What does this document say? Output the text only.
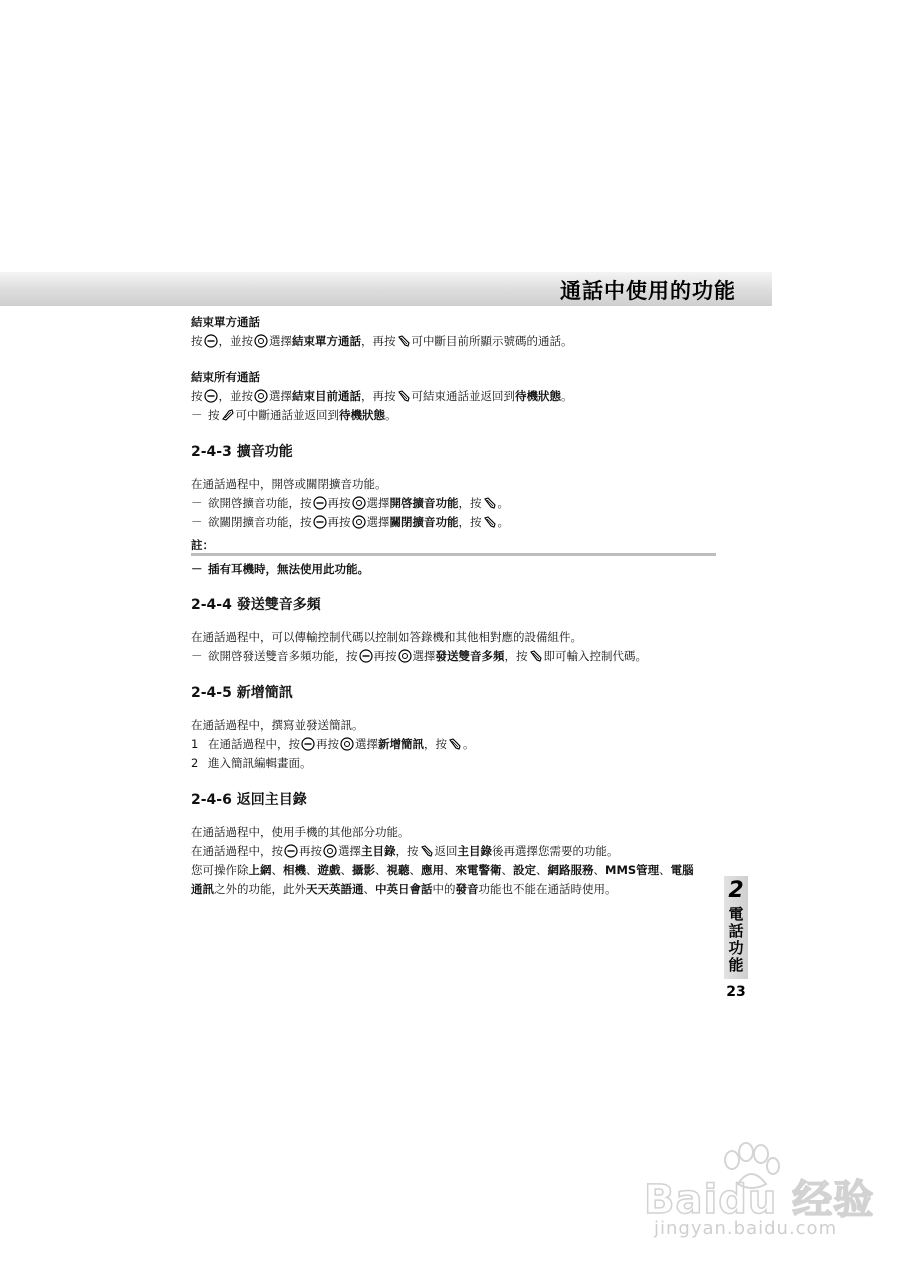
通話中使用的功能

結束單方通話

按 ，並按 選擇結束單方通話，再按 可中斷目前所顯示號碼的通話。

結束所有通話

按 ，並按 選擇結束目前通話，再按 可結束通話並返回到待機狀態。

－ 按 可中斷通話並返回到待機狀態。

2-4-3 擴音功能

在通話過程中，開啓或關閉擴音功能。

－ 欲開啓擴音功能，按 再按 選擇開啓擴音功能，按 。

－ 欲關閉擴音功能，按 再按 選擇關閉擴音功能，按 。

註：

－ 插有耳機時，無法使用此功能。

2-4-4 發送雙音多頻

在通話過程中，可以傳輸控制代碼以控制如答錄機和其他相對應的設備組件。

－ 欲開啓發送雙音多頻功能，按 再按 選擇發送雙音多頻，按 即可輸入控制代碼。

2-4-5 新增簡訊

在通話過程中，撰寫並發送簡訊。

1 在通話過程中，按 再按 選擇新增簡訊，按 。

2 進入簡訊編輯畫面。

2-4-6 返回主目錄

在通話過程中，使用手機的其他部分功能。

在通話過程中，按 再按 選擇主目錄，按 返回主目錄後再選擇您需要的功能。

您可操作除上網、相機、遊戲、攝影、視聽、應用、來電警衛、設定、網路服務、MMS管理、電腦

通訊之外的功能，此外天天英語通、中英日會話中的發音功能也不能在通話時使用。	2
電話功能
23
Baidu 经验
jingyan.baidu.com
